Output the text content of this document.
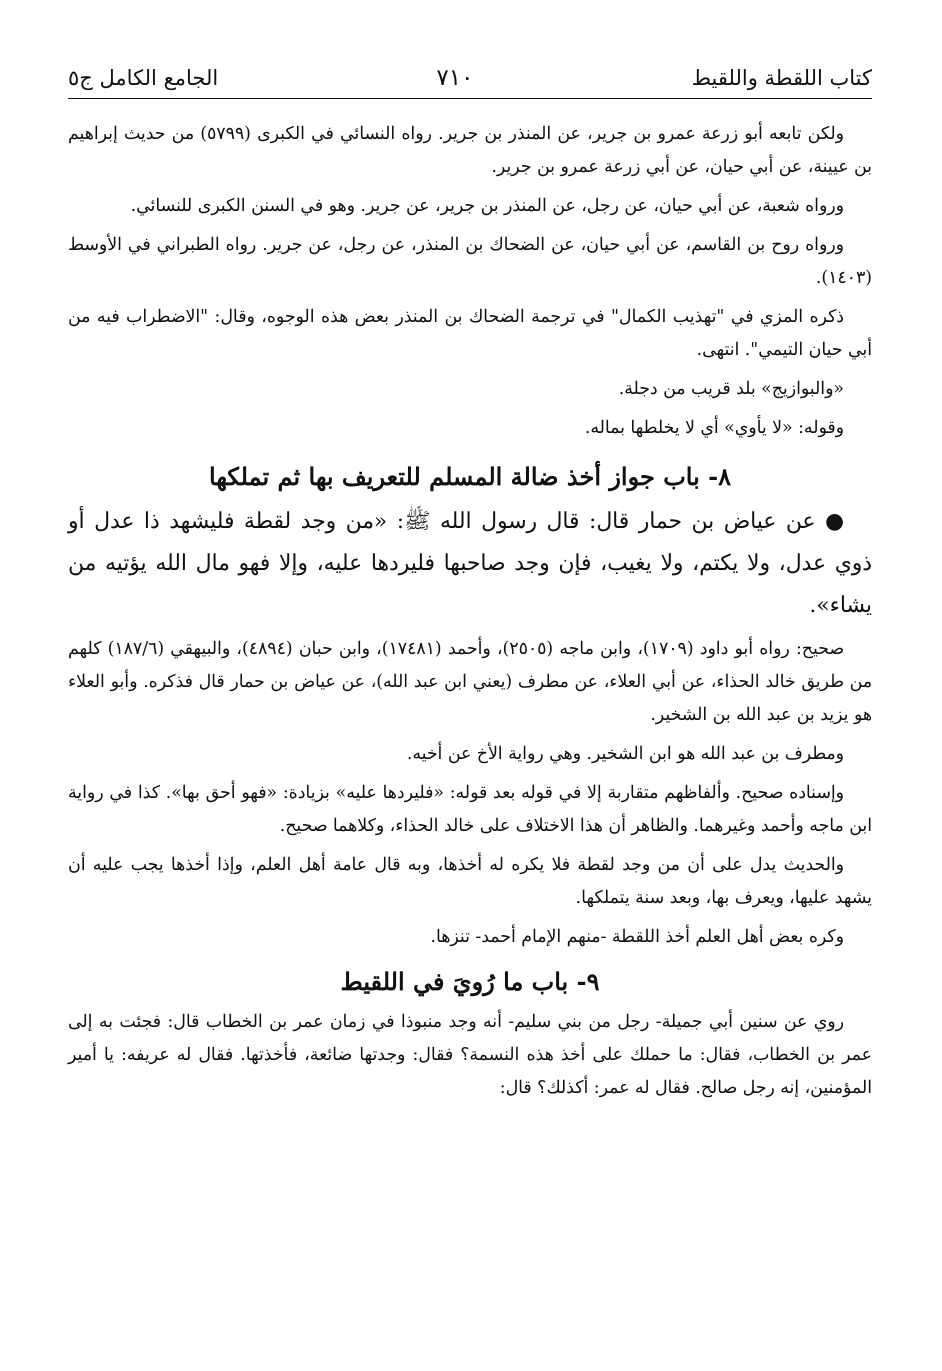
كتاب اللقطة واللقيط
٧١٠
الجامع الكامل ج٥

ولكن تابعه أبو زرعة عمرو بن جرير، عن المنذر بن جرير. رواه النسائي في الكبرى (٥٧٩٩) من حديث إبراهيم بن عيينة، عن أبي حيان، عن أبي زرعة عمرو بن جرير.

ورواه شعبة، عن أبي حيان، عن رجل، عن المنذر بن جرير، عن جرير. وهو في السنن الكبرى للنسائي.

ورواه روح بن القاسم، عن أبي حيان، عن الضحاك بن المنذر، عن رجل، عن جرير. رواه الطبراني في الأوسط (١٤٠٣).

ذكره المزي في "تهذيب الكمال" في ترجمة الضحاك بن المنذر بعض هذه الوجوه، وقال: "الاضطراب فيه من أبي حيان التيمي". انتهى.

«والبوازيج» بلد قريب من دجلة.

وقوله: «لا يأوي» أي لا يخلطها بماله.

٨- باب جواز أخذ ضالة المسلم للتعريف بها ثم تملكها

● عن عياض بن حمار قال: قال رسول الله ﷺ: «من وجد لقطة فليشهد ذا عدل أو ذوي عدل، ولا يكتم، ولا يغيب، فإن وجد صاحبها فليردها عليه، وإلا فهو مال الله يؤتيه من يشاء».

صحيح: رواه أبو داود (١٧٠٩)، وابن ماجه (٢٥٠٥)، وأحمد (١٧٤٨١)، وابن حبان (٤٨٩٤)، والبيهقي (١٨٧/٦) كلهم من طريق خالد الحذاء، عن أبي العلاء، عن مطرف (يعني ابن عبد الله)، عن عياض بن حمار قال فذكره. وأبو العلاء هو يزيد بن عبد الله بن الشخير.

ومطرف بن عبد الله هو ابن الشخير. وهي رواية الأخ عن أخيه.

وإسناده صحيح. وألفاظهم متقاربة إلا في قوله بعد قوله: «فليردها عليه» بزيادة: «فهو أحق بها». كذا في رواية ابن ماجه وأحمد وغيرهما. والظاهر أن هذا الاختلاف على خالد الحذاء، وكلاهما صحيح.

والحديث يدل على أن من وجد لقطة فلا يكره له أخذها، وبه قال عامة أهل العلم، وإذا أخذها يجب عليه أن يشهد عليها، ويعرف بها، وبعد سنة يتملكها.

وكره بعض أهل العلم أخذ اللقطة -منهم الإمام أحمد- تنزها.

٩- باب ما رُويَ في اللقيط

روي عن سنين أبي جميلة- رجل من بني سليم- أنه وجد منبوذا في زمان عمر بن الخطاب قال: فجئت به إلى عمر بن الخطاب، فقال: ما حملك على أخذ هذه النسمة؟ فقال: وجدتها ضائعة، فأخذتها. فقال له عريفه: يا أمير المؤمنين، إنه رجل صالح. فقال له عمر: أكذلك؟ قال:
